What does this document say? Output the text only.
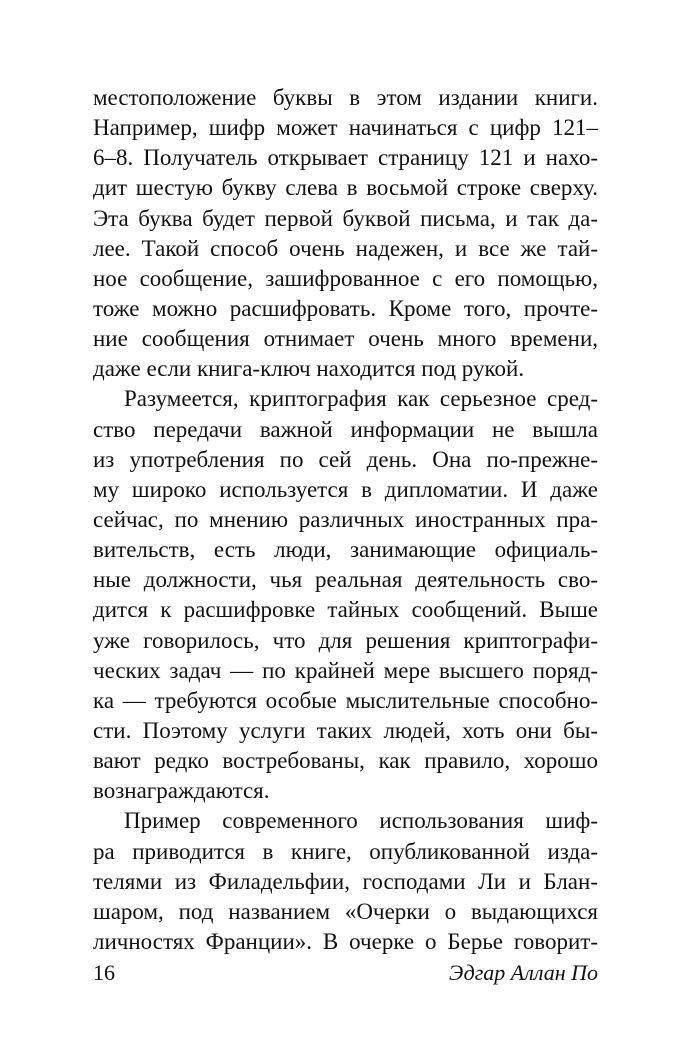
местоположение буквы в этом издании книги.
Например, шифр может начинаться с цифр 121–
6–8. Получатель открывает страницу 121 и нахо-
дит шестую букву слева в восьмой строке сверху.
Эта буква будет первой буквой письма, и так да-
лее. Такой способ очень надежен, и все же тай-
ное сообщение, зашифрованное с его помощью,
тоже можно расшифровать. Кроме того, прочте-
ние сообщения отнимает очень много времени,
даже если книга-ключ находится под рукой.
Разумеется, криптография как серьезное сред-
ство передачи важной информации не вышла
из употребления по сей день. Она по-прежне-
му широко используется в дипломатии. И даже
сейчас, по мнению различных иностранных пра-
вительств, есть люди, занимающие официаль-
ные должности, чья реальная деятельность сво-
дится к расшифровке тайных сообщений. Выше
уже говорилось, что для решения криптографи-
ческих задач — по крайней мере высшего поряд-
ка — требуются особые мыслительные способно-
сти. Поэтому услуги таких людей, хоть они бы-
вают редко востребованы, как правило, хорошо
вознаграждаются.
Пример современного использования шиф-
ра приводится в книге, опубликованной изда-
телями из Филадельфии, господами Ли и Блан-
шаром, под названием «Очерки о выдающихся
личностях Франции». В очерке о Берье говорит-
16	Эдгар Аллан По
